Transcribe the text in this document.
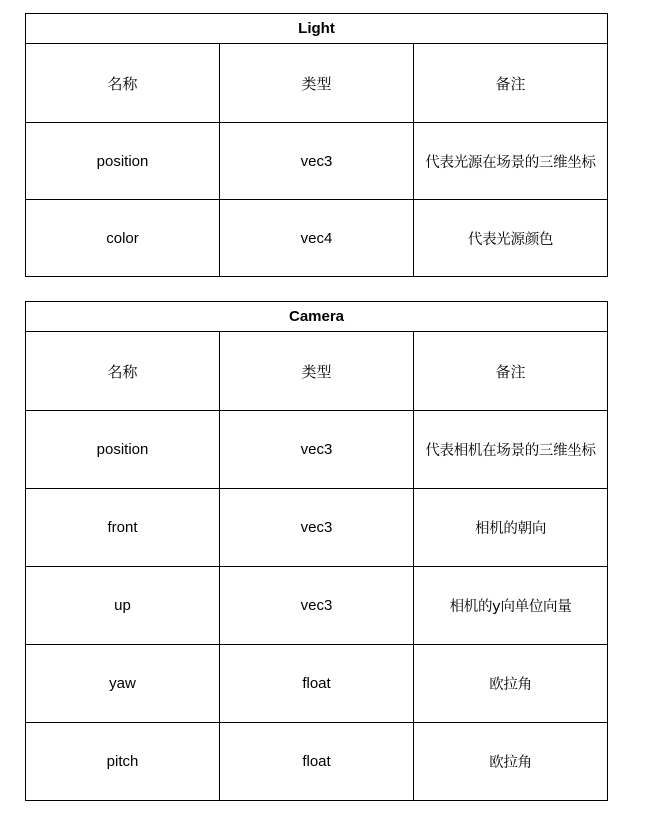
Light		
名称	类型	备注
position	vec3	代表光源在场景的三维坐标
color	vec4	代表光源颜色
Camera		
名称	类型	备注
position	vec3	代表相机在场景的三维坐标
front	vec3	相机的朝向
up	vec3	相机的y向单位向量
yaw	float	欧拉角
pitch	float	欧拉角
